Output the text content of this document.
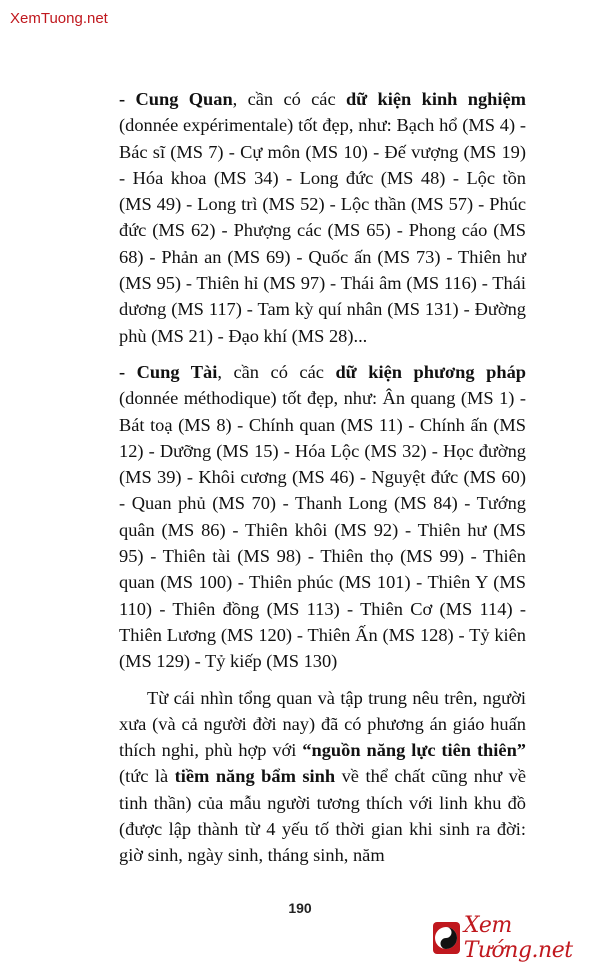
XemTuong.net

- Cung Quan, cần có các dữ kiện kinh nghiệm (donnée expérimentale) tốt đẹp, như: Bạch hổ (MS 4) - Bác sĩ (MS 7) - Cự môn (MS 10) - Đế vượng (MS 19) - Hóa khoa (MS 34) - Long đức (MS 48) - Lộc tồn (MS 49) - Long trì (MS 52) - Lộc thần (MS 57) - Phúc đức (MS 62) - Phượng các (MS 65) - Phong cáo (MS 68) - Phản an (MS 69) - Quốc ấn (MS 73) - Thiên hư (MS 95) - Thiên hỉ (MS 97) - Thái âm (MS 116) - Thái dương (MS 117) - Tam kỳ quí nhân (MS 131) - Đường phù (MS 21) - Đạo khí (MS 28)...

- Cung Tài, cần có các dữ kiện phương pháp (donnée méthodique) tốt đẹp, như: Ân quang (MS 1) - Bát toạ (MS 8) - Chính quan (MS 11) - Chính ấn (MS 12) - Dưỡng (MS 15) - Hóa Lộc (MS 32) - Học đường (MS 39) - Khôi cương (MS 46) - Nguyệt đức (MS 60) - Quan phủ (MS 70) - Thanh Long (MS 84) - Tướng quân (MS 86) - Thiên khôi (MS 92) - Thiên hư (MS 95) - Thiên tài (MS 98) - Thiên thọ (MS 99) - Thiên quan (MS 100) - Thiên phúc (MS 101) - Thiên Y (MS 110) - Thiên đồng (MS 113) - Thiên Cơ (MS 114) - Thiên Lương (MS 120) - Thiên Ấn (MS 128) - Tỷ kiên (MS 129) - Tỷ kiếp (MS 130)

Từ cái nhìn tổng quan và tập trung nêu trên, người xưa (và cả người đời nay) đã có phương án giáo huấn thích nghi, phù hợp với “nguồn năng lực tiên thiên” (tức là tiềm năng bẩm sinh về thể chất cũng như về tinh thần) của mẫu người tương thích với linh khu đồ (được lập thành từ 4 yếu tố thời gian khi sinh ra đời: giờ sinh, ngày sinh, tháng sinh, năm

190
Xem Tướng.net
